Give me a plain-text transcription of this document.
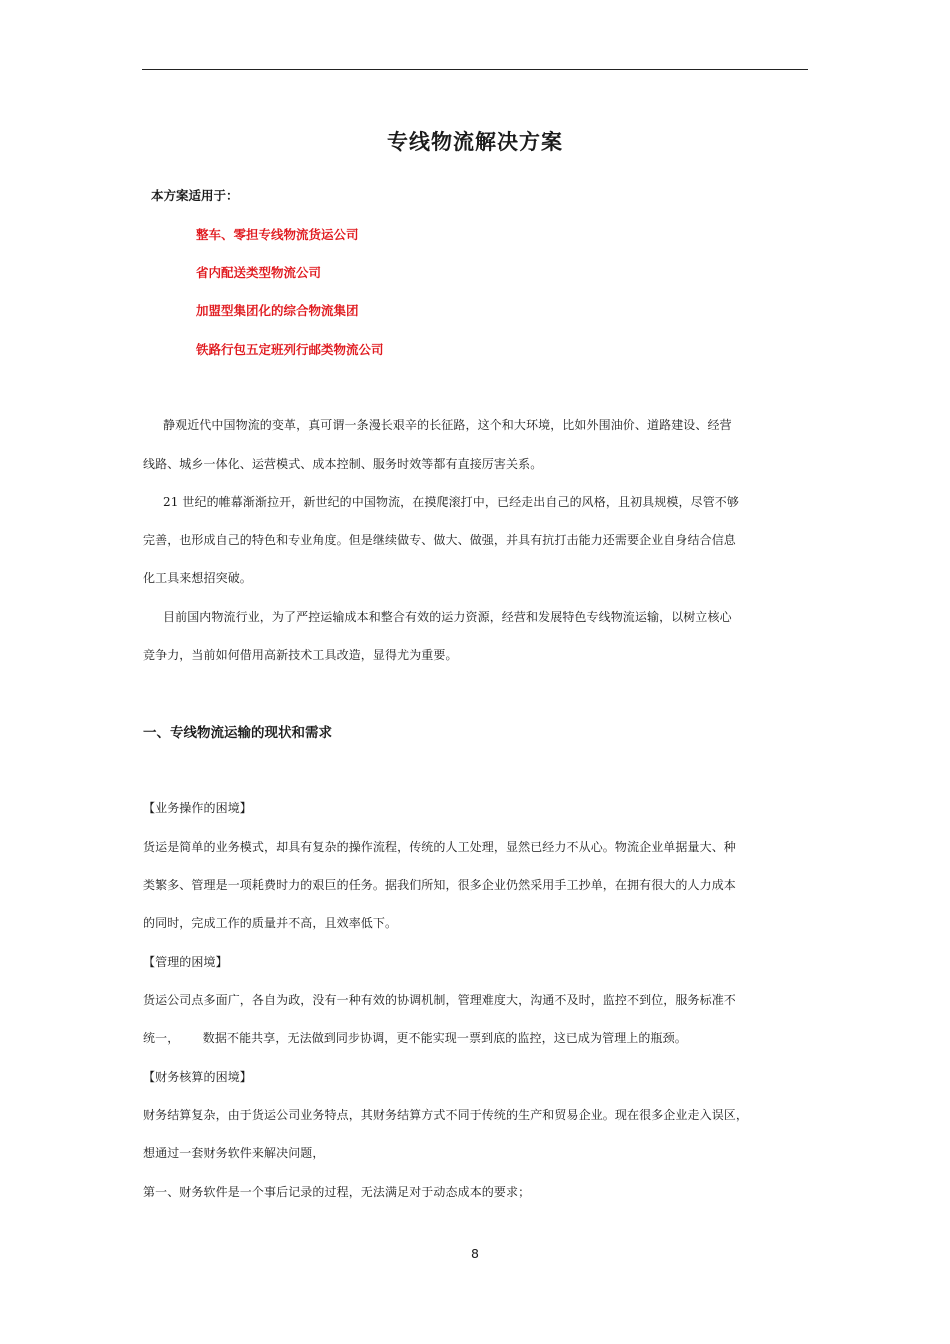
专线物流解决方案
本方案适用于：
整车、零担专线物流货运公司
省内配送类型物流公司
加盟型集团化的综合物流集团
铁路行包五定班列行邮类物流公司
静观近代中国物流的变革，真可谓一条漫长艰辛的长征路，这个和大环境，比如外围油价、道路建设、经营
线路、城乡一体化、运营模式、成本控制、服务时效等都有直接厉害关系。
21 世纪的帷幕渐渐拉开，新世纪的中国物流，在摸爬滚打中，已经走出自己的风格，且初具规模，尽管不够
完善，也形成自己的特色和专业角度。但是继续做专、做大、做强，并具有抗打击能力还需要企业自身结合信息
化工具来想招突破。
目前国内物流行业，为了严控运输成本和整合有效的运力资源，经营和发展特色专线物流运输，以树立核心
竞争力，当前如何借用高新技术工具改造，显得尤为重要。
一、专线物流运输的现状和需求
【业务操作的困境】
货运是简单的业务模式，却具有复杂的操作流程，传统的人工处理，显然已经力不从心。物流企业单据量大、种
类繁多、管理是一项耗费时力的艰巨的任务。据我们所知，很多企业仍然采用手工抄单，在拥有很大的人力成本
的同时，完成工作的质量并不高，且效率低下。
【管理的困境】
货运公司点多面广，各自为政，没有一种有效的协调机制，管理难度大，沟通不及时，监控不到位，服务标准不
统一，      数据不能共享，无法做到同步协调，更不能实现一票到底的监控，这已成为管理上的瓶颈。
【财务核算的困境】
财务结算复杂，由于货运公司业务特点，其财务结算方式不同于传统的生产和贸易企业。现在很多企业走入误区，
想通过一套财务软件来解决问题，
第一、财务软件是一个事后记录的过程，无法满足对于动态成本的要求；
8
